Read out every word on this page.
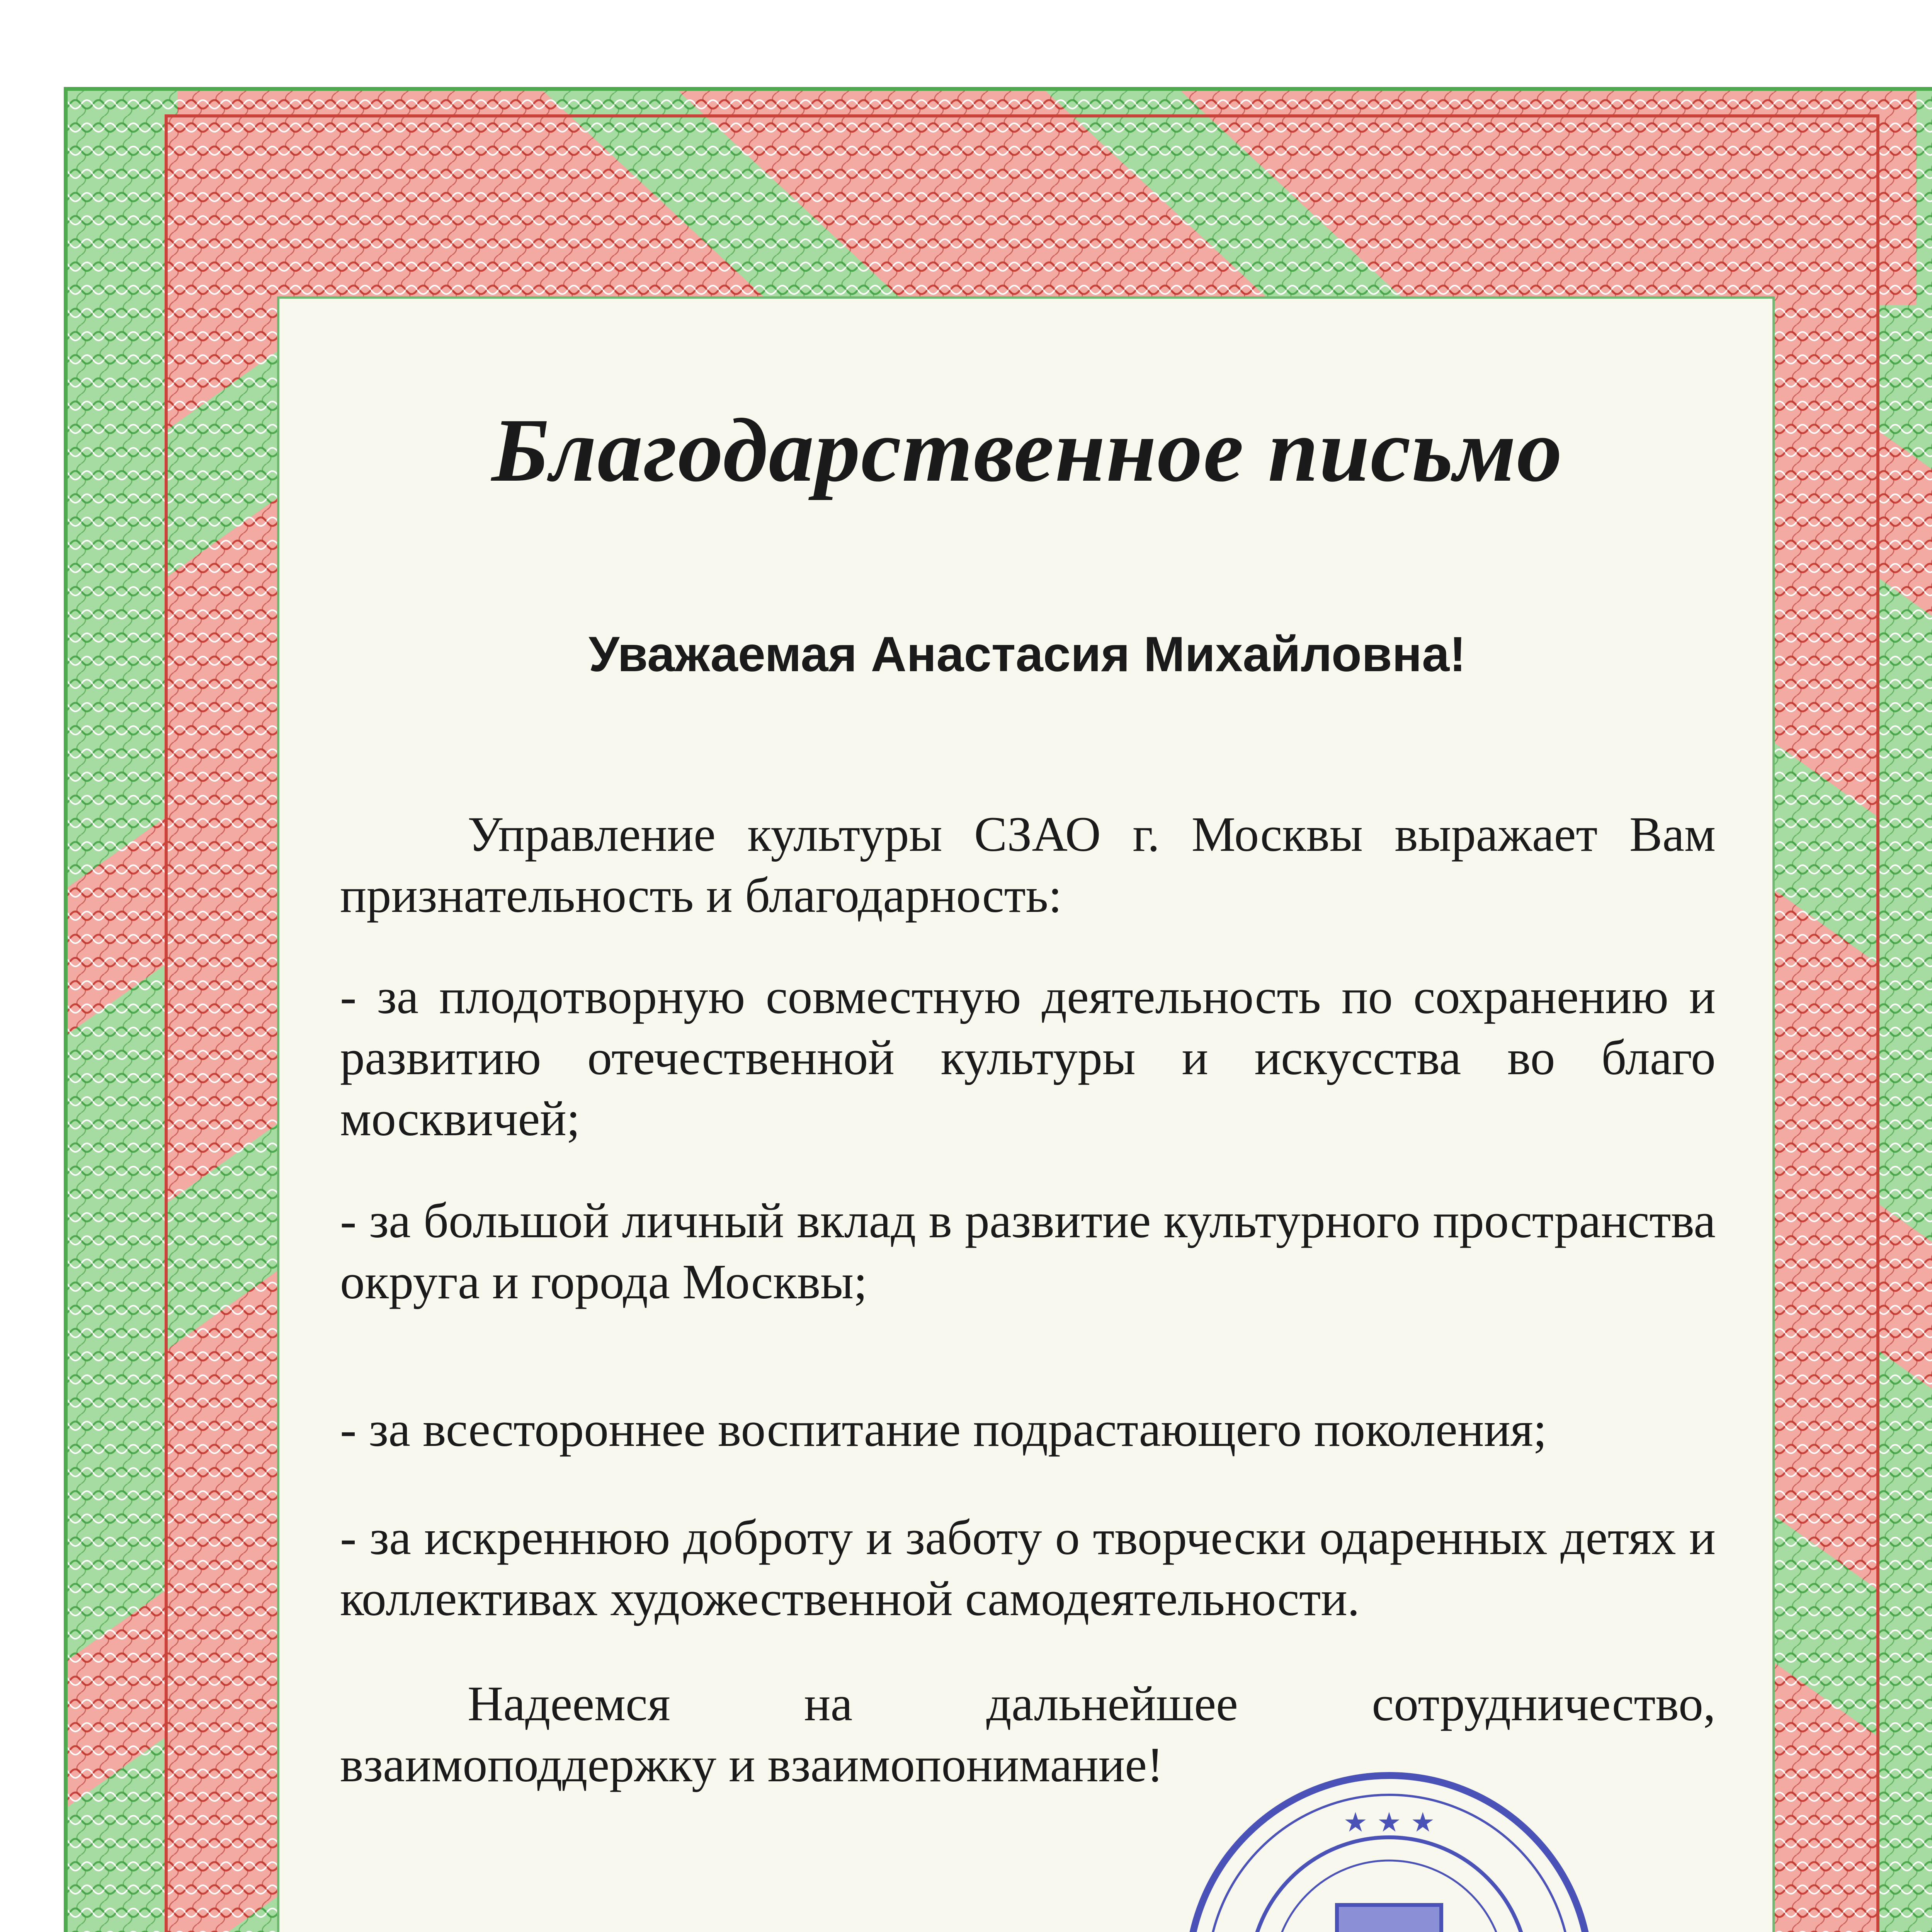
Благодарственное письмо
Уважаемая Анастасия Михайловна!
Управление культуры СЗАО г. Москвы выражает Вам признательность и благодарность:
- за плодотворную совместную деятельность по сохранению и развитию отечественной культуры и искусства во благо москвичей;
- за большой личный вклад в развитие культурного пространства округа и города Москвы;
- за всестороннее воспитание подрастающего поколения;
- за искреннюю доброту и заботу о творчески одаренных детях и коллективах художественной самодеятельности.
Надеемся на дальнейшее сотрудничество, взаимоподдержку и взаимопонимание!
★ ★ ★
